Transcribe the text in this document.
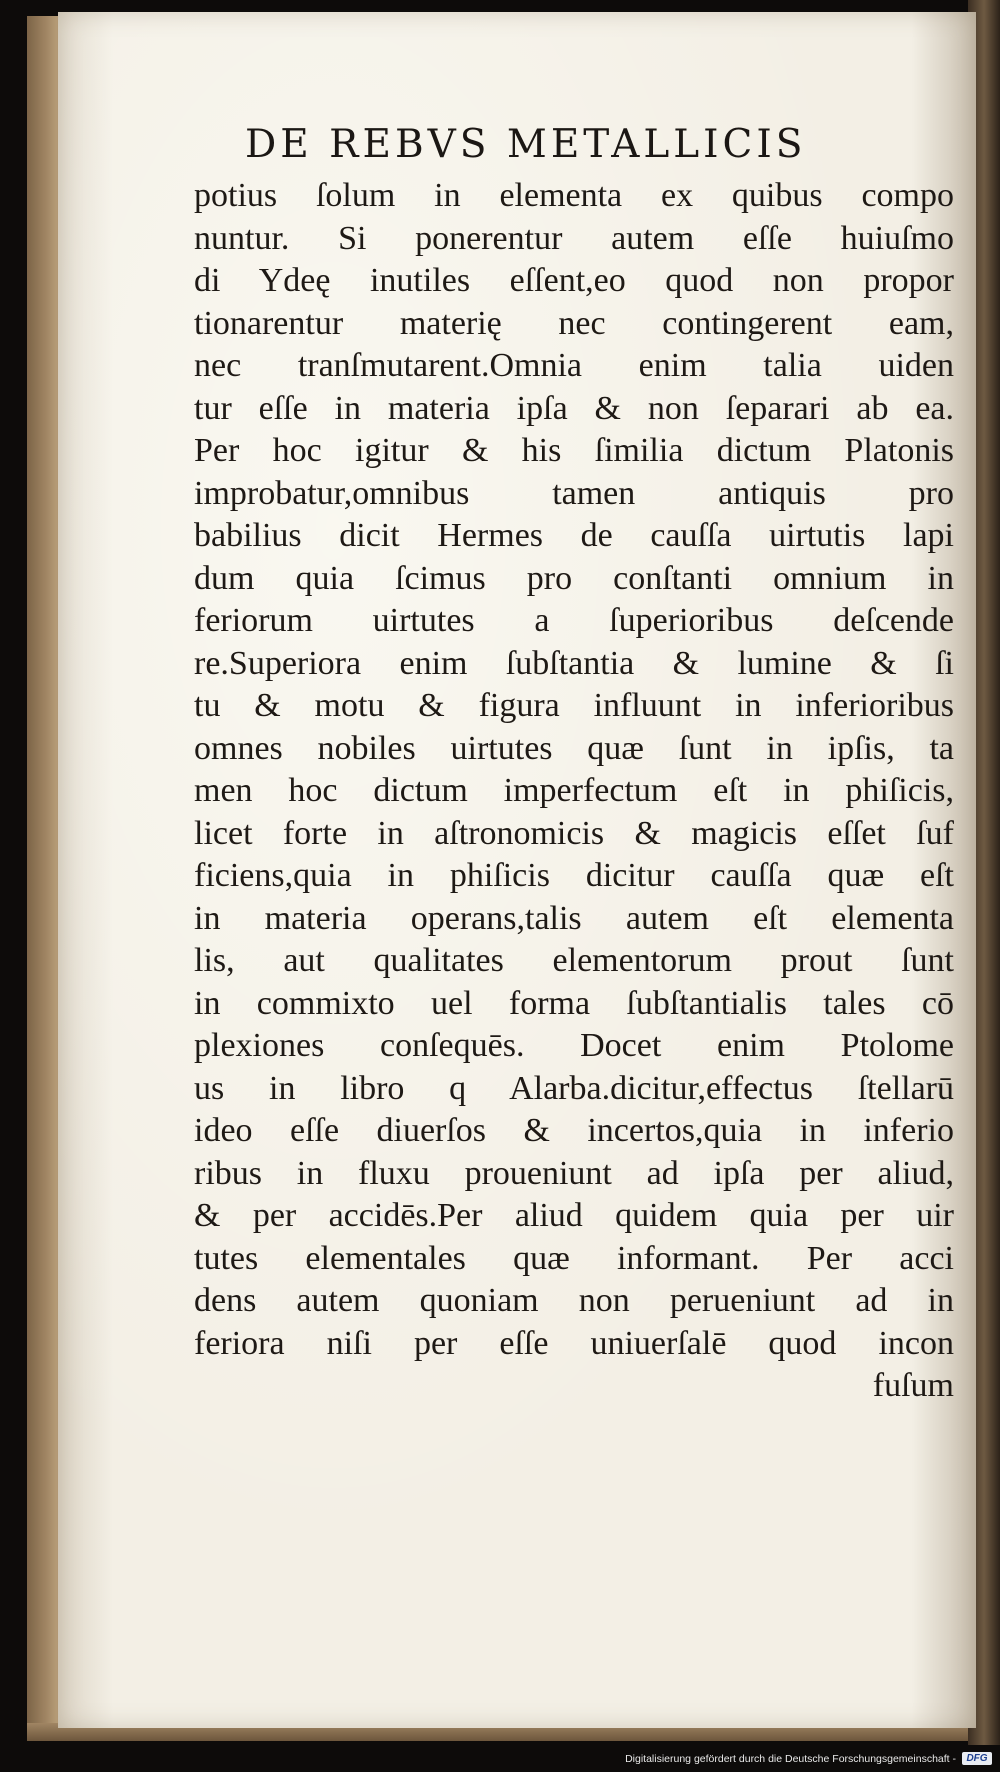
DE REBVS METALLICIS
potius ſolum in elementa ex quibus compo
nuntur. Si ponerentur autem eſſe huiuſmo
di Ydeę inutiles eſſent,eo quod non propor
tionarentur materię nec contingerent eam,
nec tranſmutarent.Omnia enim talia uiden
tur eſſe in materia ipſa & non ſeparari ab ea.
Per hoc igitur & his ſimilia dictum Platonis
improbatur,omnibus tamen antiquis pro
babilius dicit Hermes de cauſſa uirtutis lapi
dum quia ſcimus pro conſtanti omnium in
feriorum uirtutes a ſuperioribus deſcende
re.Superiora enim ſubſtantia & lumine & ſi
tu & motu & figura influunt in inferioribus
omnes nobiles uirtutes quæ ſunt in ipſis, ta
men hoc dictum imperfectum eſt in phiſicis,
licet forte in aſtronomicis & magicis eſſet ſuf
ficiens,quia in phiſicis dicitur cauſſa quæ eſt
in materia operans,talis autem eſt elementa
lis, aut qualitates elementorum prout ſunt
in commixto uel forma ſubſtantialis tales cō
plexiones conſequēs. Docet enim Ptolome
us in libro q Alarba.dicitur,effectus ſtellarū
ideo eſſe diuerſos & incertos,quia in inferio
ribus in fluxu proueniunt ad ipſa per aliud,
& per accidēs.Per aliud quidem quia per uir
tutes elementales quæ informant. Per acci
dens autem quoniam non perueniunt ad in
feriora niſi per eſſe uniuerſalē quod incon
fuſum
Digitalisierung gefördert durch die Deutsche Forschungsgemeinschaft -	DFG
